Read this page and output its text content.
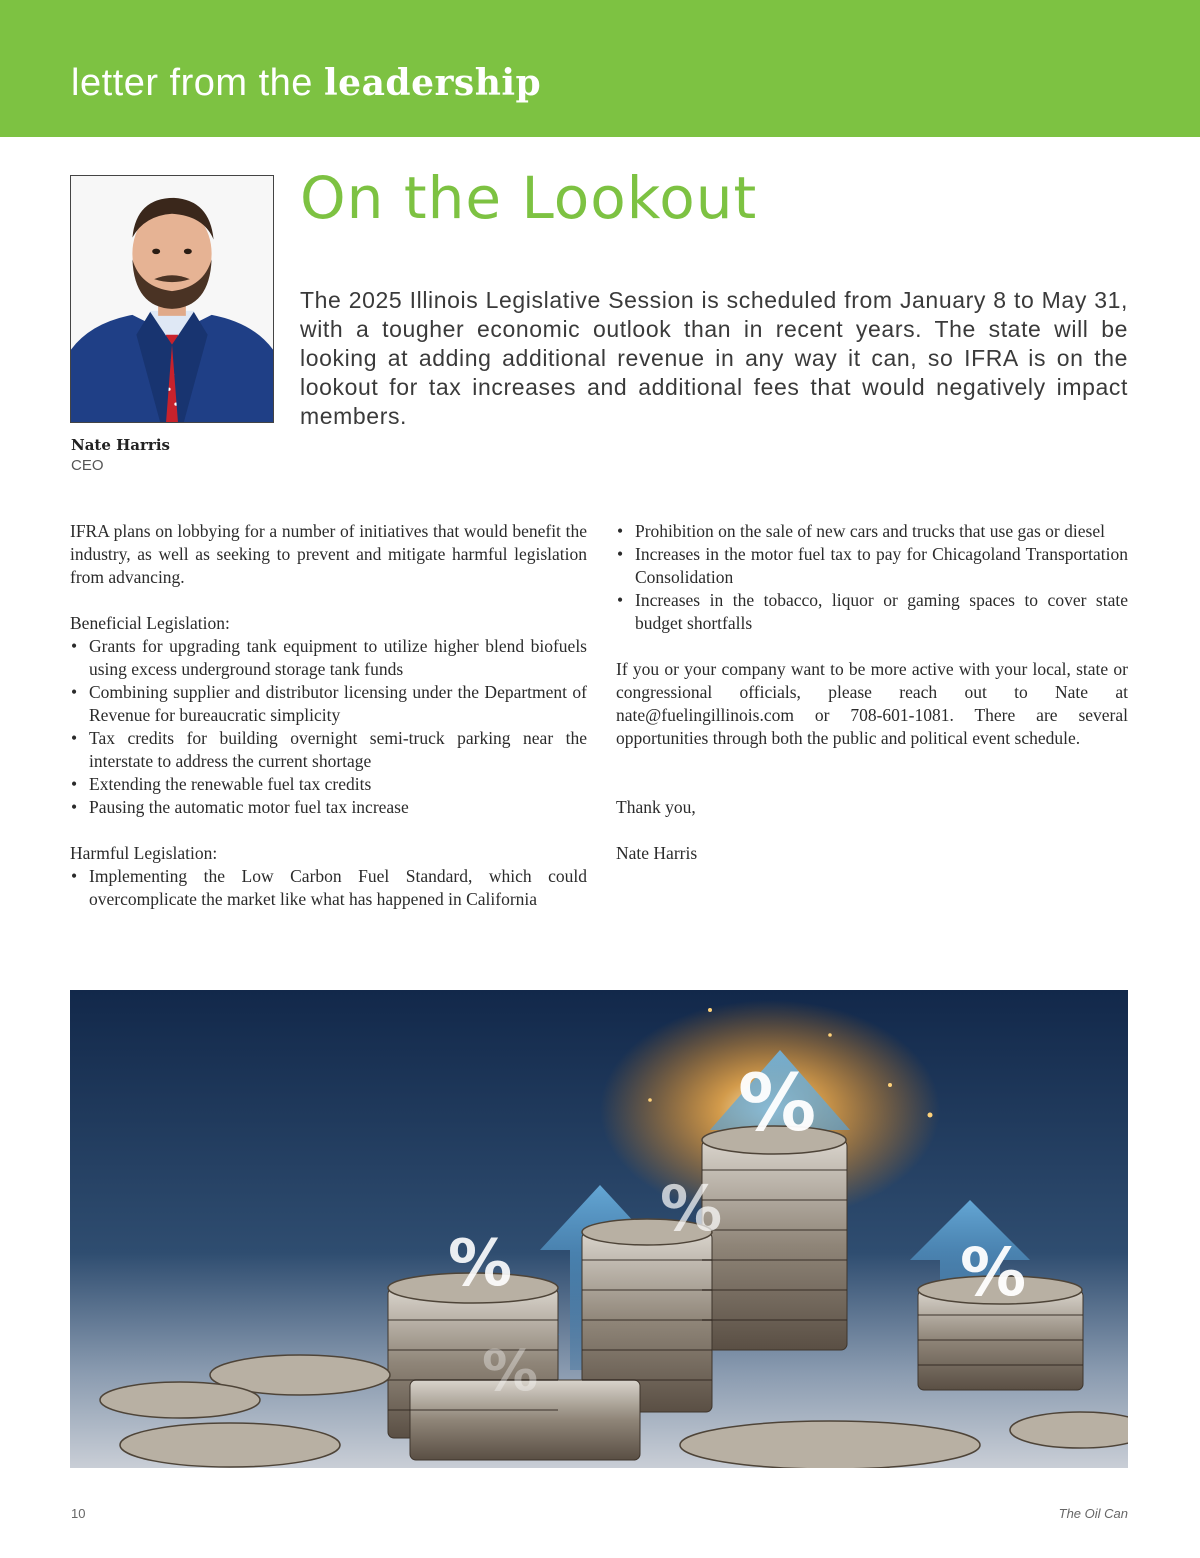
letter from the leadership

Nate Harris

CEO

On the Lookout

The 2025 Illinois Legislative Session is scheduled from January 8 to May 31, with a tougher economic outlook than in recent years. The state will be looking at adding additional revenue in any way it can, so IFRA is on the lookout for tax increases and additional fees that would negatively impact members.

IFRA plans on lobbying for a number of initiatives that would benefit the industry, as well as seeking to prevent and mitigate harmful legislation from advancing.

Beneficial Legislation:

• Grants for upgrading tank equipment to utilize higher blend biofuels using excess underground storage tank funds
• Combining supplier and distributor licensing under the Department of Revenue for bureaucratic simplicity
• Tax credits for building overnight semi-truck parking near the interstate to address the current shortage
• Extending the renewable fuel tax credits
• Pausing the automatic motor fuel tax increase

Harmful Legislation:

• Implementing the Low Carbon Fuel Standard, which could overcomplicate the market like what has happened in California
• Prohibition on the sale of new cars and trucks that use gas or diesel
• Increases in the motor fuel tax to pay for Chicagoland Transportation Consolidation
• Increases in the tobacco, liquor or gaming spaces to cover state budget shortfalls

If you or your company want to be more active with your local, state or congressional officials, please reach out to Nate at nate@fuelingillinois.com or 708-601-1081. There are several opportunities through both the public and political event schedule.

Thank you,

Nate Harris

%
%
%	%
%

10	The Oil Can
